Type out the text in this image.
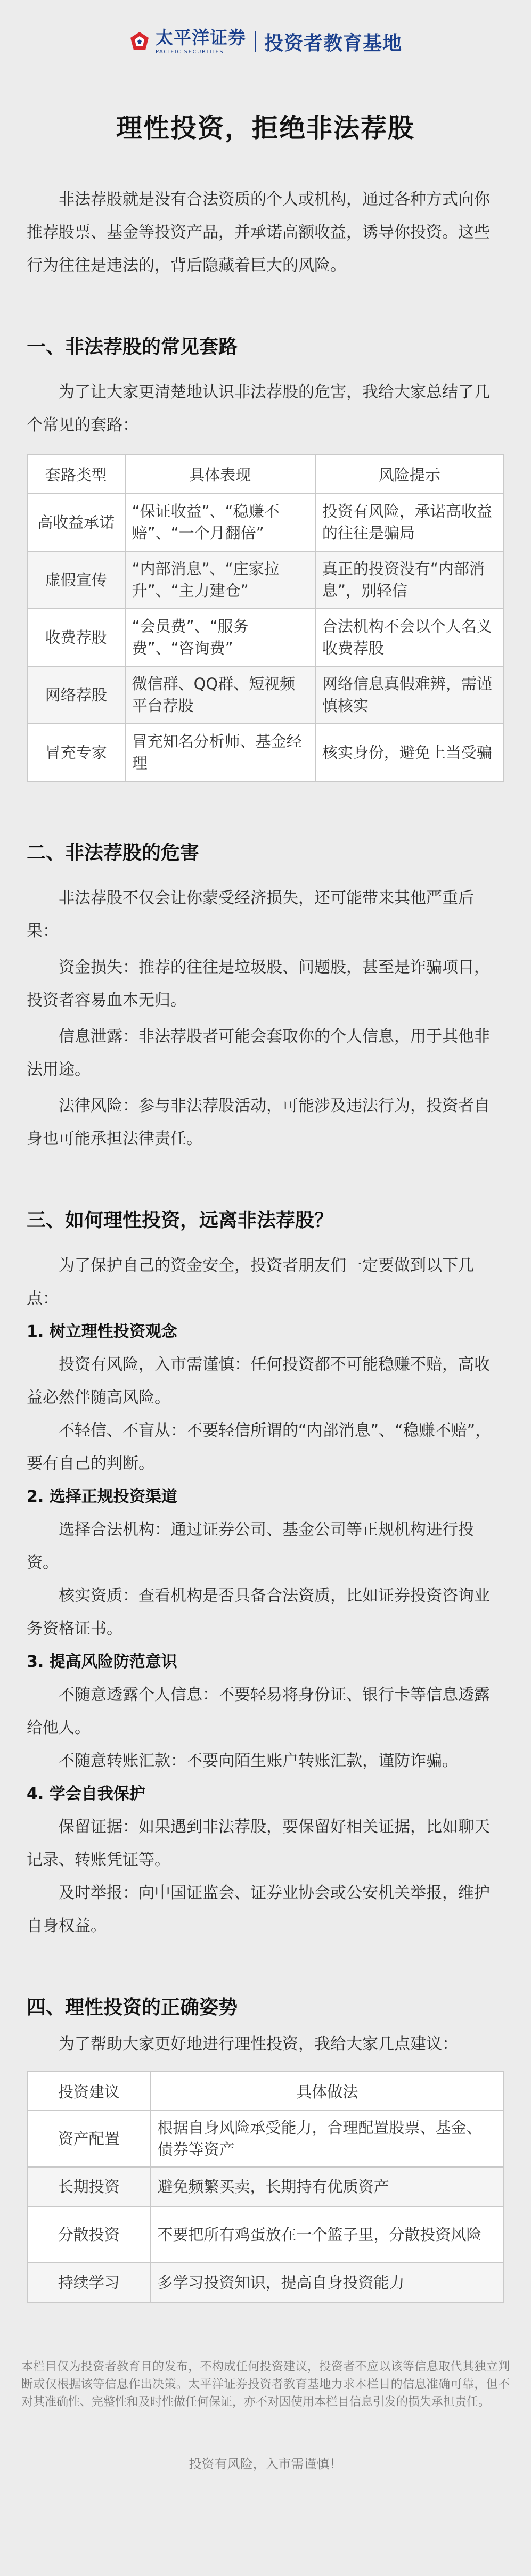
太平洋证券
PACIFIC SECURITIES	投资者教育基地
理性投资，拒绝非法荐股

非法荐股就是没有合法资质的个人或机构，通过各种方式向你推荐股票、基金等投资产品，并承诺高额收益，诱导你投资。这些行为往往是违法的，背后隐藏着巨大的风险。

一、非法荐股的常见套路

为了让大家更清楚地认识非法荐股的危害，我给大家总结了几个常见的套路：

套路类型	具体表现	风险提示
高收益承诺	“保证收益”、“稳赚不赔”、“一个月翻倍”	投资有风险，承诺高收益的往往是骗局
虚假宣传	“内部消息”、“庄家拉升”、“主力建仓”	真正的投资没有“内部消息”，别轻信
收费荐股	“会员费”、“服务费”、“咨询费”	合法机构不会以个人名义收费荐股
网络荐股	微信群、QQ群、短视频平台荐股	网络信息真假难辨，需谨慎核实
冒充专家	冒充知名分析师、基金经理	核实身份，避免上当受骗
二、非法荐股的危害

非法荐股不仅会让你蒙受经济损失，还可能带来其他严重后果：

资金损失：推荐的往往是垃圾股、问题股，甚至是诈骗项目，投资者容易血本无归。

信息泄露：非法荐股者可能会套取你的个人信息，用于其他非法用途。

法律风险：参与非法荐股活动，可能涉及违法行为，投资者自身也可能承担法律责任。

三、如何理性投资，远离非法荐股？

为了保护自己的资金安全，投资者朋友们一定要做到以下几点：

1. 树立理性投资观念

投资有风险，入市需谨慎：任何投资都不可能稳赚不赔，高收益必然伴随高风险。

不轻信、不盲从：不要轻信所谓的“内部消息”、“稳赚不赔”，要有自己的判断。

2. 选择正规投资渠道

选择合法机构：通过证券公司、基金公司等正规机构进行投资。

核实资质：查看机构是否具备合法资质，比如证券投资咨询业务资格证书。

3. 提高风险防范意识

不随意透露个人信息：不要轻易将身份证、银行卡等信息透露给他人。

不随意转账汇款：不要向陌生账户转账汇款，谨防诈骗。

4. 学会自我保护

保留证据：如果遇到非法荐股，要保留好相关证据，比如聊天记录、转账凭证等。

及时举报：向中国证监会、证券业协会或公安机关举报，维护自身权益。

四、理性投资的正确姿势

为了帮助大家更好地进行理性投资，我给大家几点建议：

投资建议	具体做法
资产配置	根据自身风险承受能力，合理配置股票、基金、债券等资产
长期投资	避免频繁买卖，长期持有优质资产
分散投资	不要把所有鸡蛋放在一个篮子里，分散投资风险
持续学习	多学习投资知识，提高自身投资能力

本栏目仅为投资者教育目的发布，不构成任何投资建议，投资者不应以该等信息取代其独立判断或仅根据该等信息作出决策。太平洋证券投资者教育基地力求本栏目的信息准确可靠，但不对其准确性、完整性和及时性做任何保证，亦不对因使用本栏目信息引发的损失承担责任。

投资有风险，入市需谨慎！
